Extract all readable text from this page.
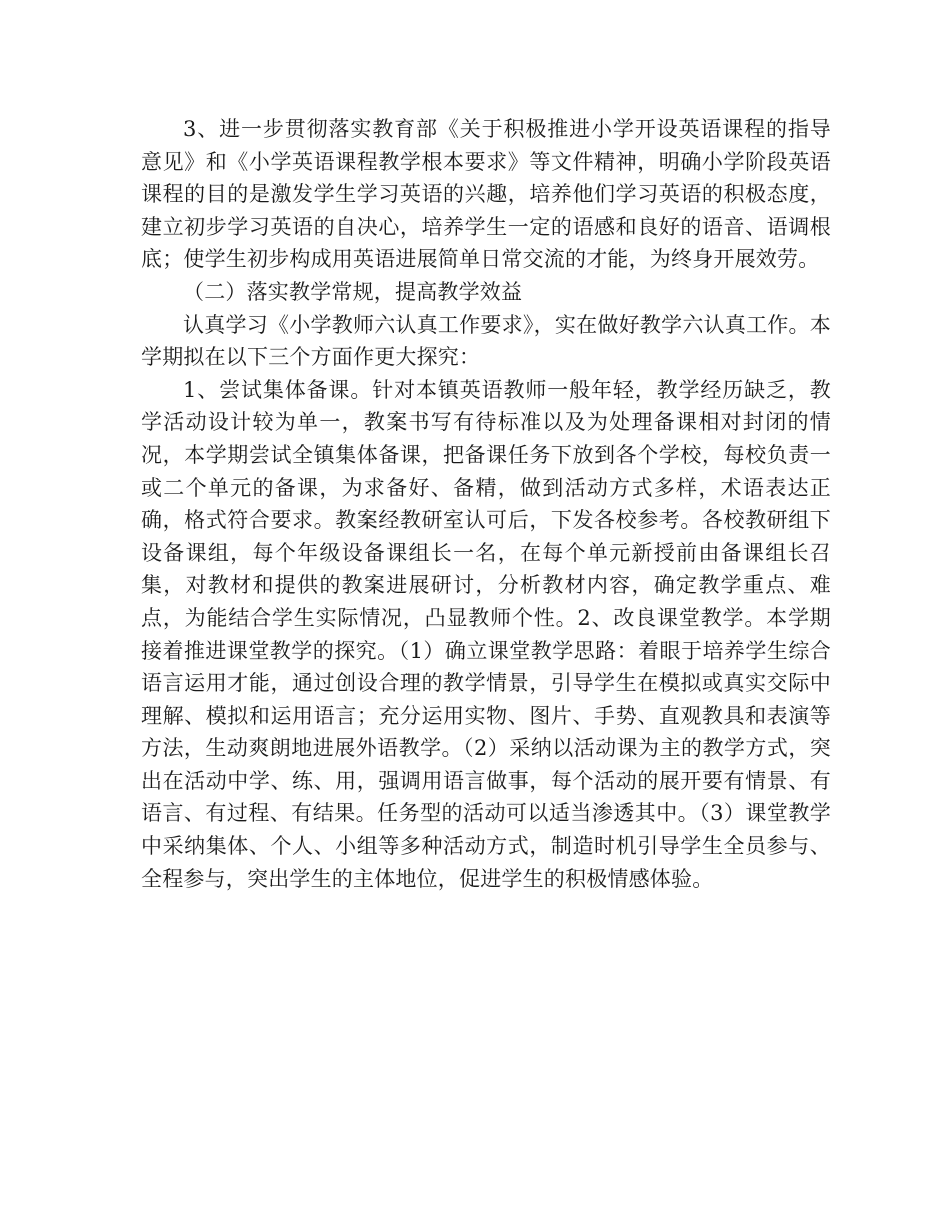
3、进一步贯彻落实教育部《关于积极推进小学开设英语课程的指导意见》和《小学英语课程教学根本要求》等文件精神，明确小学阶段英语课程的目的是激发学生学习英语的兴趣，培养他们学习英语的积极态度，建立初步学习英语的自决心，培养学生一定的语感和良好的语音、语调根底；使学生初步构成用英语进展简单日常交流的才能，为终身开展效劳。

（二）落实教学常规，提高教学效益

认真学习《小学教师六认真工作要求》，实在做好教学六认真工作。本学期拟在以下三个方面作更大探究：

1、尝试集体备课。针对本镇英语教师一般年轻，教学经历缺乏，教学活动设计较为单一，教案书写有待标准以及为处理备课相对封闭的情况，本学期尝试全镇集体备课，把备课任务下放到各个学校，每校负责一或二个单元的备课，为求备好、备精，做到活动方式多样，术语表达正确，格式符合要求。教案经教研室认可后，下发各校参考。各校教研组下设备课组，每个年级设备课组长一名，在每个单元新授前由备课组长召集，对教材和提供的教案进展研讨，分析教材内容，确定教学重点、难点，为能结合学生实际情况，凸显教师个性。2、改良课堂教学。本学期接着推进课堂教学的探究。（1）确立课堂教学思路：着眼于培养学生综合语言运用才能，通过创设合理的教学情景，引导学生在模拟或真实交际中理解、模拟和运用语言；充分运用实物、图片、手势、直观教具和表演等方法，生动爽朗地进展外语教学。（2）采纳以活动课为主的教学方式，突出在活动中学、练、用，强调用语言做事，每个活动的展开要有情景、有语言、有过程、有结果。任务型的活动可以适当渗透其中。（3）课堂教学中采纳集体、个人、小组等多种活动方式，制造时机引导学生全员参与、全程参与，突出学生的主体地位，促进学生的积极情感体验。
